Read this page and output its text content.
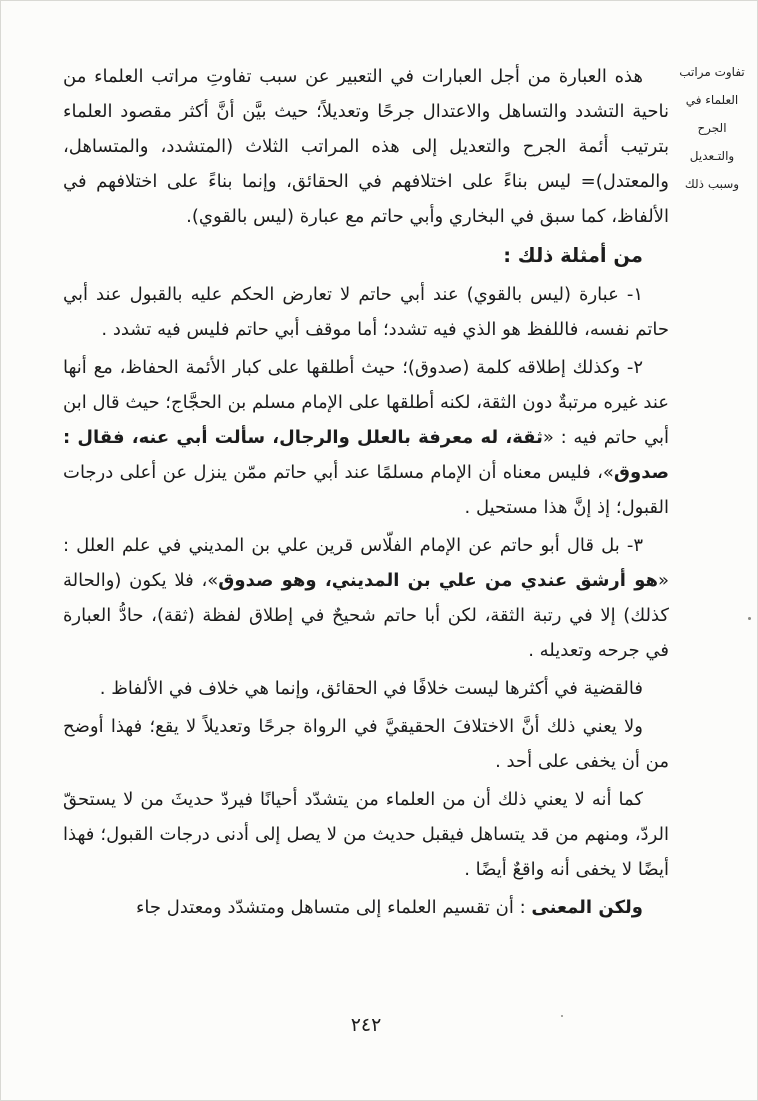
تفاوت مراتب
العلماء في
الجرح
والتـعديل
وسبب ذلك

هذه العبارة من أجل العبارات في التعبير عن سبب تفاوتِ مراتب العلماء من ناحية التشدد والتساهل والاعتدال جرحًا وتعديلاً؛ حيث بيَّن أنَّ أكثر مقصود العلماء بترتيب أئمة الجرح والتعديل إلى هذه المراتب الثلاث (المتشدد، والمتساهل، والمعتدل)= ليس بناءً على اختلافهم في الحقائق، وإنما بناءً على اختلافهم في الألفاظ، كما سبق في البخاري وأبي حاتم مع عبارة (ليس بالقوي).

من أمثلة ذلك :

١- عبارة (ليس بالقوي) عند أبي حاتم لا تعارض الحكم عليه بالقبول عند أبي حاتم نفسه، فاللفظ هو الذي فيه تشدد؛ أما موقف أبي حاتم فليس فيه تشدد .

٢- وكذلك إطلاقه كلمة (صدوق)؛ حيث أطلقها على كبار الأئمة الحفاظ، مع أنها عند غيره مرتبةٌ دون الثقة، لكنه أطلقها على الإمام مسلم بن الحجَّاج؛ حيث قال ابن أبي حاتم فيه : «ثقة، له معرفة بالعلل والرجال، سألت أبي عنه، فقال : صدوق»، فليس معناه أن الإمام مسلمًا عند أبي حاتم ممّن ينزل عن أعلى درجات القبول؛ إذ إنَّ هذا مستحيل .

٣- بل قال أبو حاتم عن الإمام الفلّاس قرين علي بن المديني في علم العلل : «هو أرشق عندي من علي بن المديني، وهو صدوق»، فلا يكون (والحالة كذلك) إلا في رتبة الثقة، لكن أبا حاتم شحيحٌ في إطلاق لفظة (ثقة)، حادُّ العبارة في جرحه وتعديله .

فالقضية في أكثرها ليست خلافًا في الحقائق، وإنما هي خلاف في الألفاظ .

ولا يعني ذلك أنَّ الاختلافَ الحقيقيَّ في الرواة جرحًا وتعديلاً لا يقع؛ فهذا أوضح من أن يخفى على أحد .

كما أنه لا يعني ذلك أن من العلماء من يتشدّد أحيانًا فيردّ حديثَ من لا يستحقّ الردّ، ومنهم من قد يتساهل فيقبل حديث من لا يصل إلى أدنى درجات القبول؛ فهذا أيضًا لا يخفى أنه واقعٌ أيضًا .

ولكن المعنى : أن تقسيم العلماء إلى متساهل ومتشدّد ومعتدل جاء

٢٤٢
